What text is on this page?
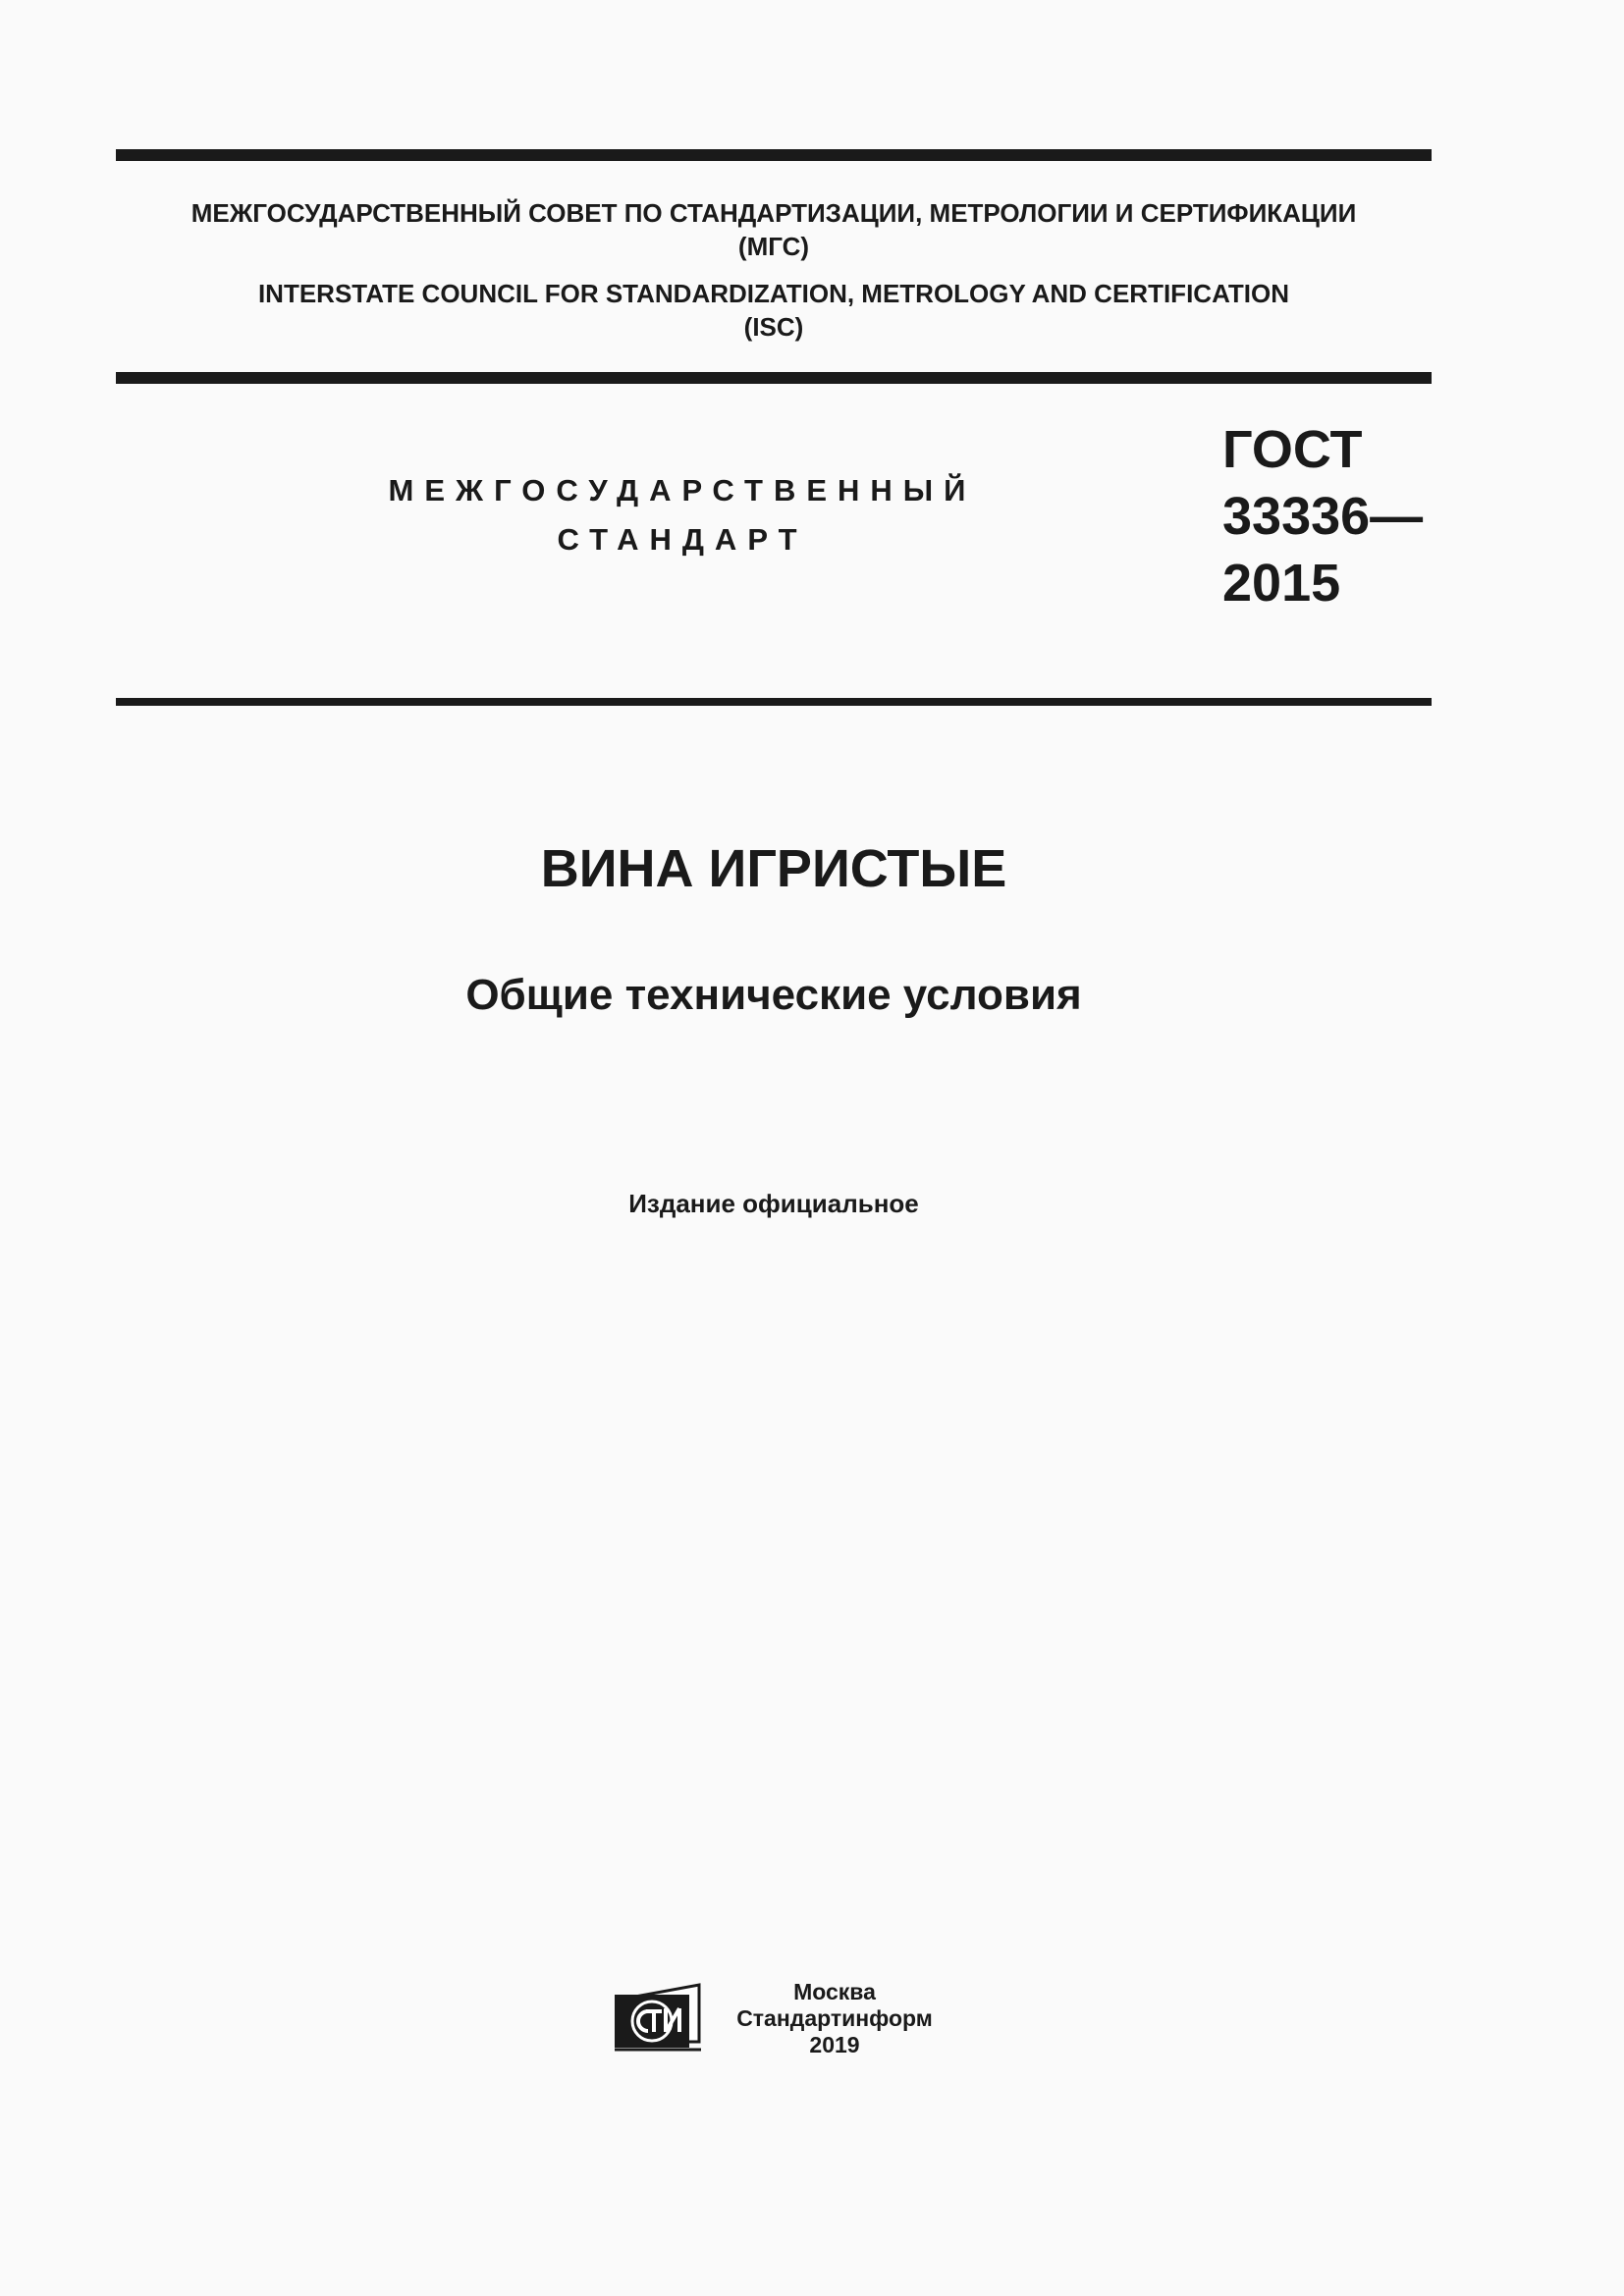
МЕЖГОСУДАРСТВЕННЫЙ СОВЕТ ПО СТАНДАРТИЗАЦИИ, МЕТРОЛОГИИ И СЕРТИФИКАЦИИ
(МГС)
INTERSTATE COUNCIL FOR STANDARDIZATION, METROLOGY AND CERTIFICATION
(ISC)
МЕЖГОСУДАРСТВЕННЫЙ
СТАНДАРТ
ГОСТ
33336—
2015
ВИНА ИГРИСТЫЕ
Общие технические условия
Издание официальное
Москва
Стандартинформ
2019
